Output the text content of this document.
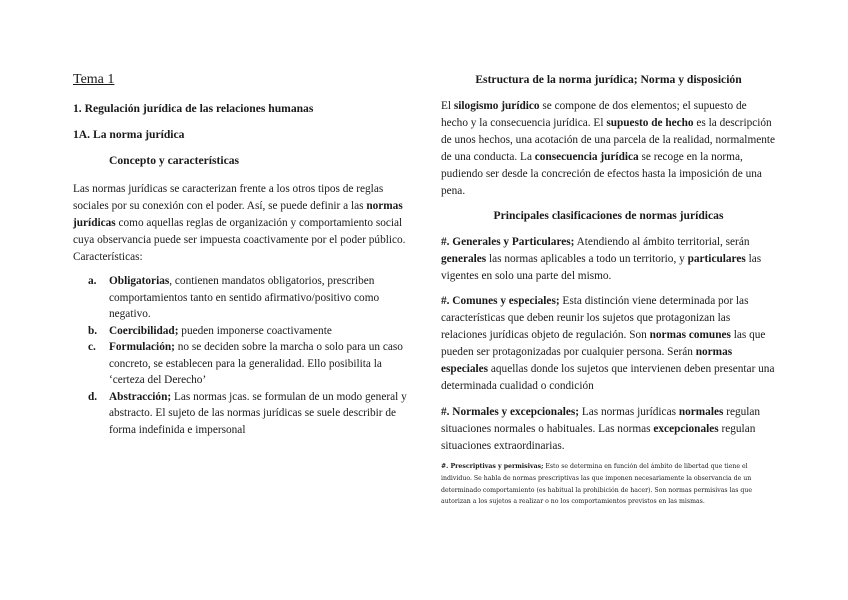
Tema 1
1. Regulación jurídica de las relaciones humanas
1A. La norma jurídica
Concepto y características

Las normas jurídicas se caracterizan frente a los otros tipos de reglas sociales por su conexión con el poder. Así, se puede definir a las normas jurídicas como aquellas reglas de organización y comportamiento social cuya observancia puede ser impuesta coactivamente por el poder público. Características:

a. Obligatorias, contienen mandatos obligatorios, prescriben comportamientos tanto en sentido afirmativo/positivo como negativo.
b. Coercibilidad; pueden imponerse coactivamente
c. Formulación; no se deciden sobre la marcha o solo para un caso concreto, se establecen para la generalidad. Ello posibilita la ‘certeza del Derecho’
d. Abstracción; Las normas jcas. se formulan de un modo general y abstracto. El sujeto de las normas jurídicas se suele describir de forma indefinida e impersonal
Estructura de la norma jurídica; Norma y disposición

El silogismo jurídico se compone de dos elementos; el supuesto de hecho y la consecuencia jurídica. El supuesto de hecho es la descripción de unos hechos, una acotación de una parcela de la realidad, normalmente de una conducta. La consecuencia jurídica se recoge en la norma, pudiendo ser desde la concreción de efectos hasta la imposición de una pena.

Principales clasificaciones de normas jurídicas

#. Generales y Particulares; Atendiendo al ámbito territorial, serán generales las normas aplicables a todo un territorio, y particulares las vigentes en solo una parte del mismo.

#. Comunes y especiales; Esta distinción viene determinada por las características que deben reunir los sujetos que protagonizan las relaciones jurídicas objeto de regulación. Son normas comunes las que pueden ser protagonizadas por cualquier persona. Serán normas especiales aquellas donde los sujetos que intervienen deben presentar una determinada cualidad o condición

#. Normales y excepcionales; Las normas jurídicas normales regulan situaciones normales o habituales. Las normas excepcionales regulan situaciones extraordinarias.

#. Prescriptivas y permisivas; Esto se determina en función del ámbito de libertad que tiene el individuo. Se habla de normas prescriptivas las que imponen necesariamente la observancia de un determinado comportamiento (es habitual la prohibición de hacer). Son normas permisivas las que autorizan a los sujetos a realizar o no los comportamientos previstos en las mismas.
